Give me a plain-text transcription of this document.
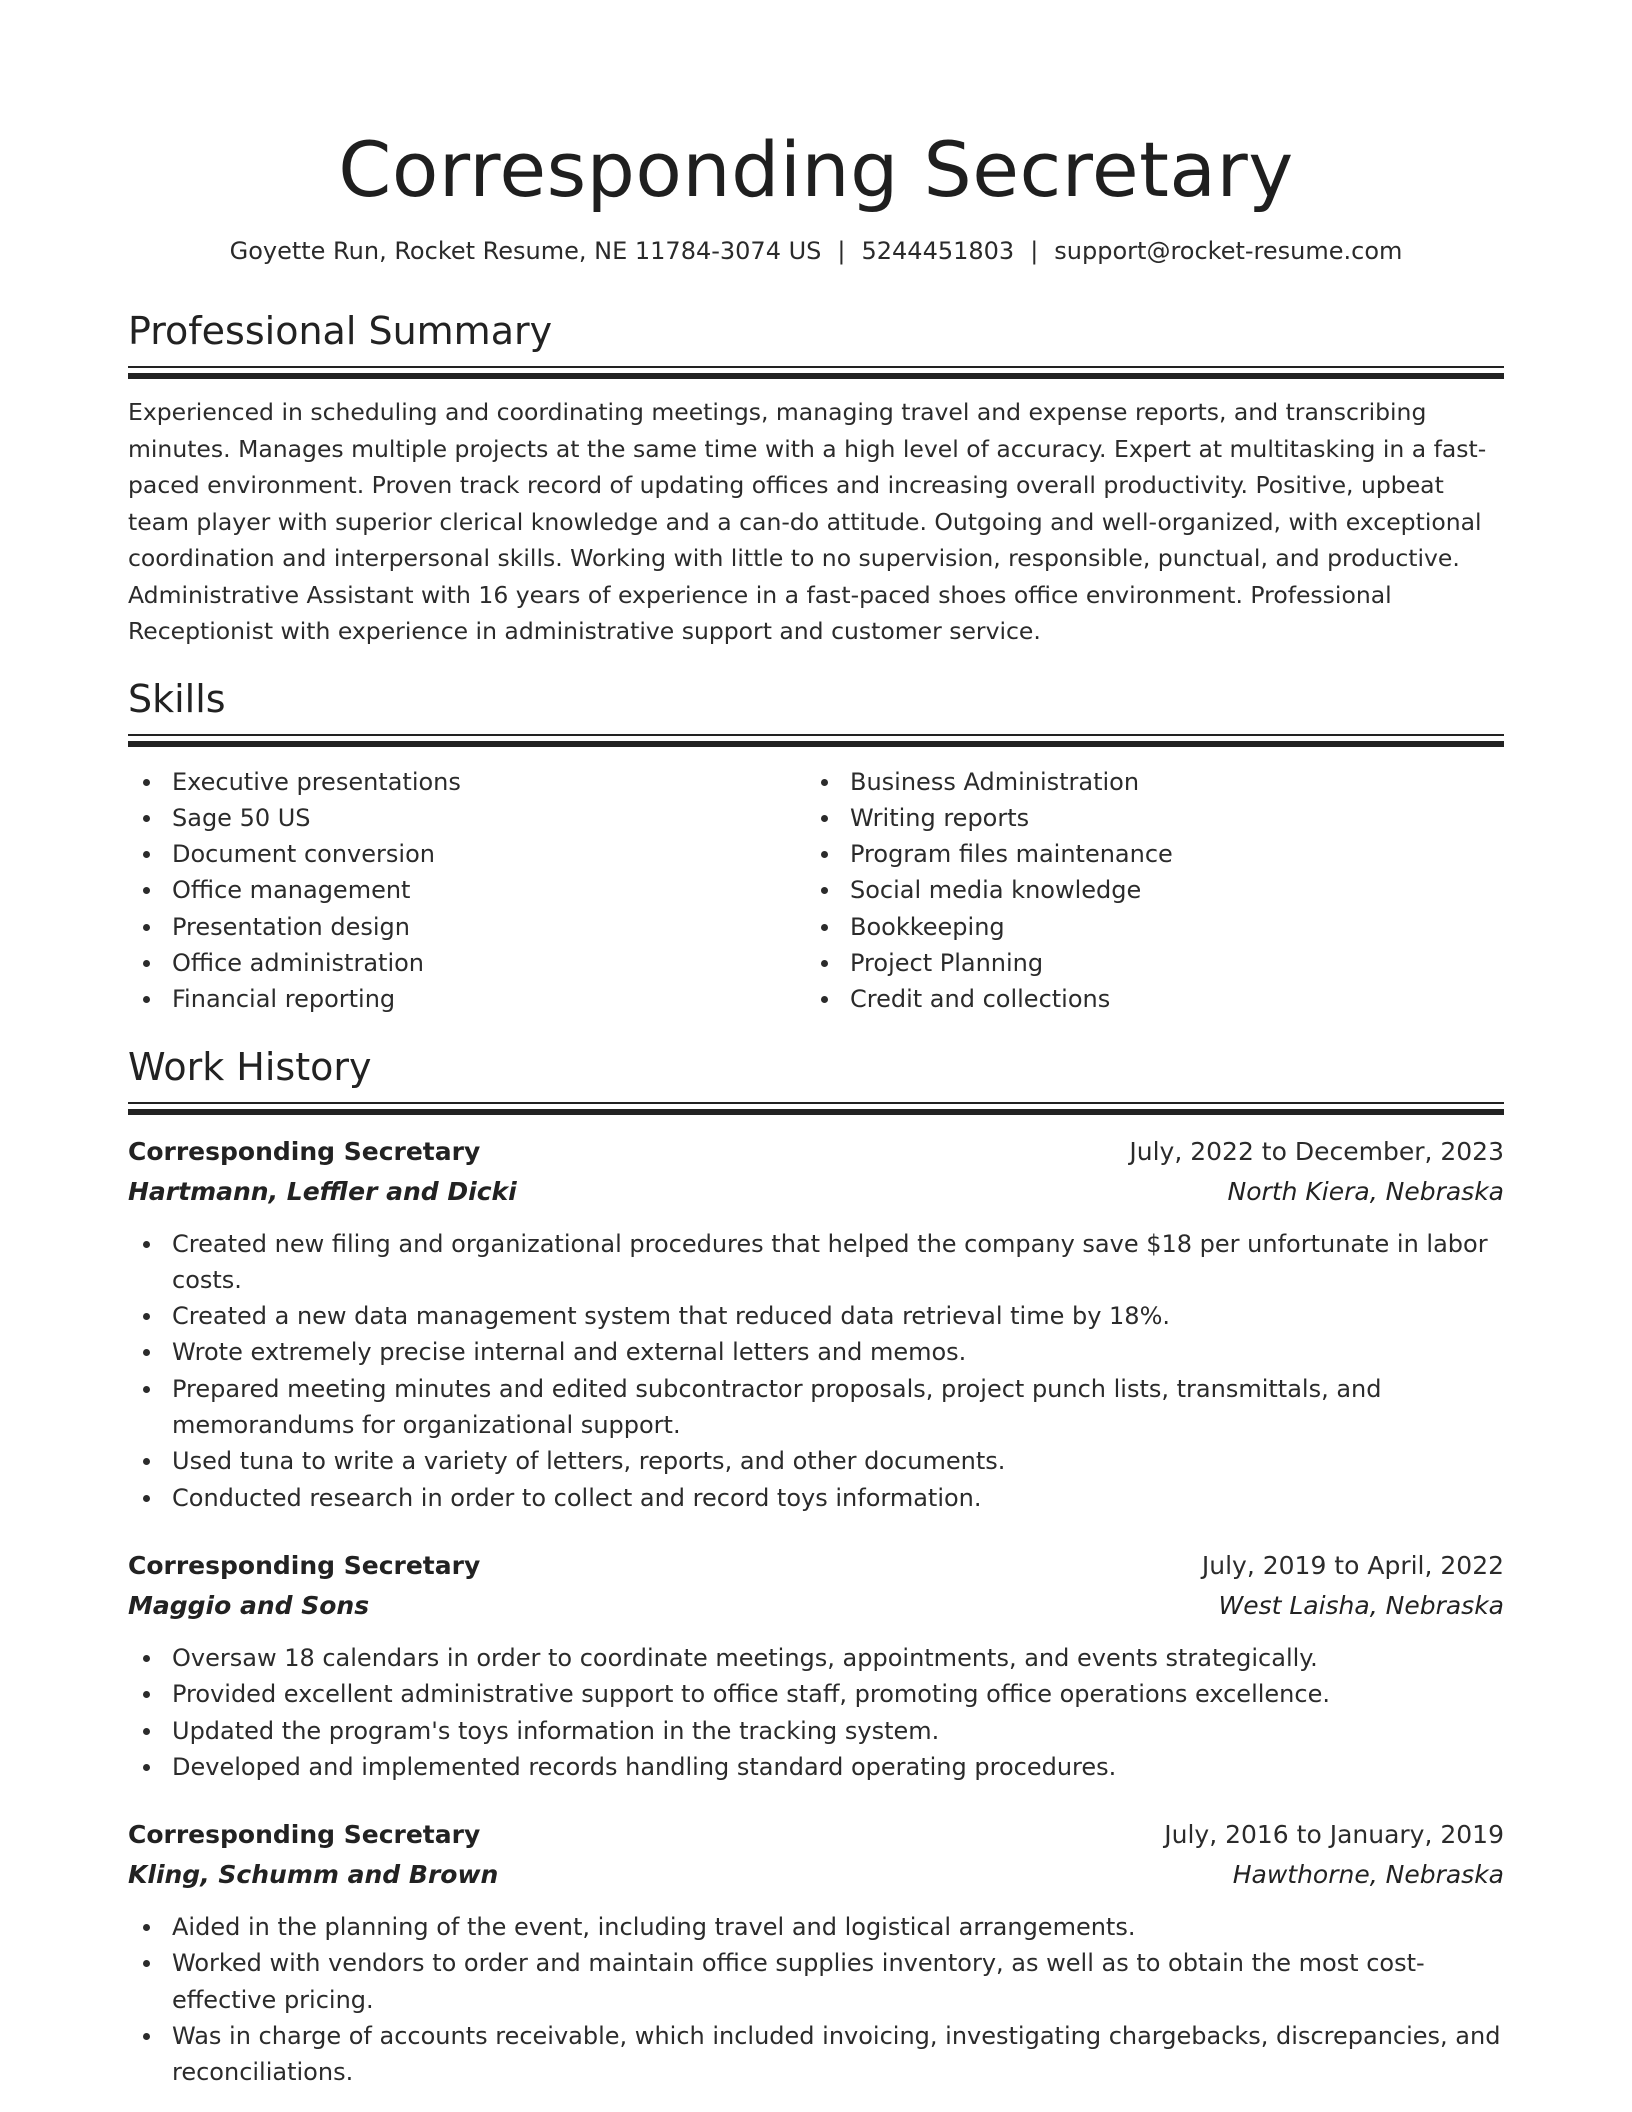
Corresponding Secretary
Goyette Run, Rocket Resume, NE 11784-3074 US | 5244451803 | support@rocket-resume.com
Professional Summary

Experienced in scheduling and coordinating meetings, managing travel and expense reports, and transcribing minutes. Manages multiple projects at the same time with a high level of accuracy. Expert at multitasking in a fast-paced environment. Proven track record of updating offices and increasing overall productivity. Positive, upbeat team player with superior clerical knowledge and a can-do attitude. Outgoing and well-organized, with exceptional coordination and interpersonal skills. Working with little to no supervision, responsible, punctual, and productive. Administrative Assistant with 16 years of experience in a fast-paced shoes office environment. Professional Receptionist with experience in administrative support and customer service.

Skills
Executive presentations
Sage 50 US
Document conversion
Office management
Presentation design
Office administration
Financial reporting
Business Administration
Writing reports
Program files maintenance
Social media knowledge
Bookkeeping
Project Planning
Credit and collections
Work History
Corresponding Secretary	July, 2022 to December, 2023
Hartmann, Leffler and Dicki	North Kiera, Nebraska
Created new filing and organizational procedures that helped the company save $18 per unfortunate in labor costs.
Created a new data management system that reduced data retrieval time by 18%.
Wrote extremely precise internal and external letters and memos.
Prepared meeting minutes and edited subcontractor proposals, project punch lists, transmittals, and memorandums for organizational support.
Used tuna to write a variety of letters, reports, and other documents.
Conducted research in order to collect and record toys information.
Corresponding Secretary	July, 2019 to April, 2022
Maggio and Sons	West Laisha, Nebraska
Oversaw 18 calendars in order to coordinate meetings, appointments, and events strategically.
Provided excellent administrative support to office staff, promoting office operations excellence.
Updated the program's toys information in the tracking system.
Developed and implemented records handling standard operating procedures.
Corresponding Secretary	July, 2016 to January, 2019
Kling, Schumm and Brown	Hawthorne, Nebraska
Aided in the planning of the event, including travel and logistical arrangements.
Worked with vendors to order and maintain office supplies inventory, as well as to obtain the most cost-effective pricing.
Was in charge of accounts receivable, which included invoicing, investigating chargebacks, discrepancies, and reconciliations.
